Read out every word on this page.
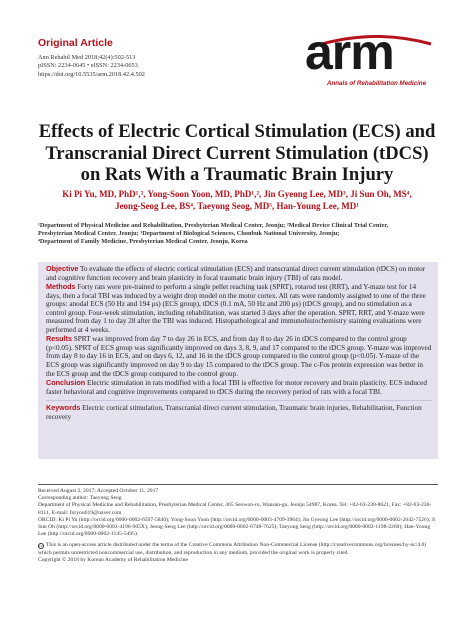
Original Article
Ann Rehabil Med 2018;42(4):502-513
pISSN: 2234-0645 • eISSN: 2234-0653
https://doi.org/10.5535/arm.2018.42.4.502	arm
Annals of Rehabilitation Medicine
Effects of Electric Cortical Stimulation (ECS) and
Transcranial Direct Current Stimulation (tDCS)
on Rats With a Traumatic Brain Injury
Ki Pi Yu, MD, PhD¹,², Yong-Soon Yoon, MD, PhD¹,², Jin Gyeong Lee, MD³, Ji Sun Oh, MS⁴,
Jeong-Seog Lee, BS⁴, Taeyong Seog, MD⁵, Han-Young Lee, MD¹
¹Department of Physical Medicine and Rehabilitation, Presbyterian Medical Center, Jeonju; ²Medical Device Clinical Trial Center,
Presbyterian Medical Center, Jeonju; ³Department of Biological Sciences, Chonbuk National University, Jeonju;
⁴Department of Family Medicine, Presbyterian Medical Center, Jeonju, Korea

Objective To evaluate the effects of electric cortical stimulation (ECS) and transcranial direct current stimulation (tDCS) on motor and cognitive function recovery and brain plasticity in focal traumatic brain injury (TBI) of rats model.

Methods Forty rats were pre-trained to perform a single pellet reaching task (SPRT), rotarod test (RRT), and Y-maze test for 14 days, then a focal TBI was induced by a weight drop model on the motor cortex. All rats were randomly assigned to one of the three groups: anodal ECS (50 Hz and 194 μs) (ECS group), tDCS (0.1 mA, 50 Hz and 200 μs) (tDCS group), and no stimulation as a control group. Four-week stimulation, including rehabilitation, was started 3 days after the operation. SPRT, RRT, and Y-maze were measured from day 1 to day 28 after the TBI was induced. Histopathological and immunohistochemistry staining evaluations were performed at 4 weeks.

Results SPRT was improved from day 7 to day 26 in ECS, and from day 8 to day 26 in tDCS compared to the control group (p<0.05). SPRT of ECS group was significantly improved on days 3, 8, 9, and 17 compared to the tDCS group. Y-maze was improved from day 8 to day 16 in ECS, and on days 6, 12, and 16 in the tDCS group compared to the control group (p<0.05). Y-maze of the ECS group was significantly improved on day 9 to day 15 compared to the tDCS group. The c-Fos protein expression was better in the ECS group and the tDCS group compared to the control group.

Conclusion Electric stimulation in rats modified with a focal TBI is effective for motor recovery and brain plasticity. ECS induced faster behavioral and cognitive improvements compared to tDCS during the recovery period of rats with a focal TBI.

Keywords Electric cortical stimulation, Transcranial direct current stimulation, Traumatic brain injuries, Rehabilitation, Function recovery

Received August 2, 2017; Accepted October 11, 2017
Corresponding author: Taeyong Seog
Department of Physical Medicine and Rehabilitation, Presbyterian Medical Center, 365 Seowon-ro, Wansan-gu, Jeonju 54987, Korea. Tel: +82-63-230-8621, Fax: +82-63-230-8111, E-mail: foryou619@naver.com
ORCID: Ki Pi Yu (http://orcid.org/0000-0002-6597-5840); Yong-Soon Yoon (http://orcid.org/0000-0003-4709-3964); Jin Gyeong Lee (http://orcid.org/0000-0002-2642-7526); Ji Sun Oh (http://orcid.org/0000-0003-4196-905X); Jeong-Seog Lee (http://orcid.org/0000-0002-6748-7625); Taeyong Seog (http://orcid.org/0000-0002-1198-2260); Han-Young Lee (http://orcid.org/0000-0002-1145-5495).
cc This is an open-access article distributed under the terms of the Creative Commons Attribution Non-Commercial License (http://creativecommons.org/licenses/by-nc/4.0) which permits unrestricted noncommercial use, distribution, and reproduction in any medium, provided the original work is properly cited.
Copyright © 2018 by Korean Academy of Rehabilitation Medicine
